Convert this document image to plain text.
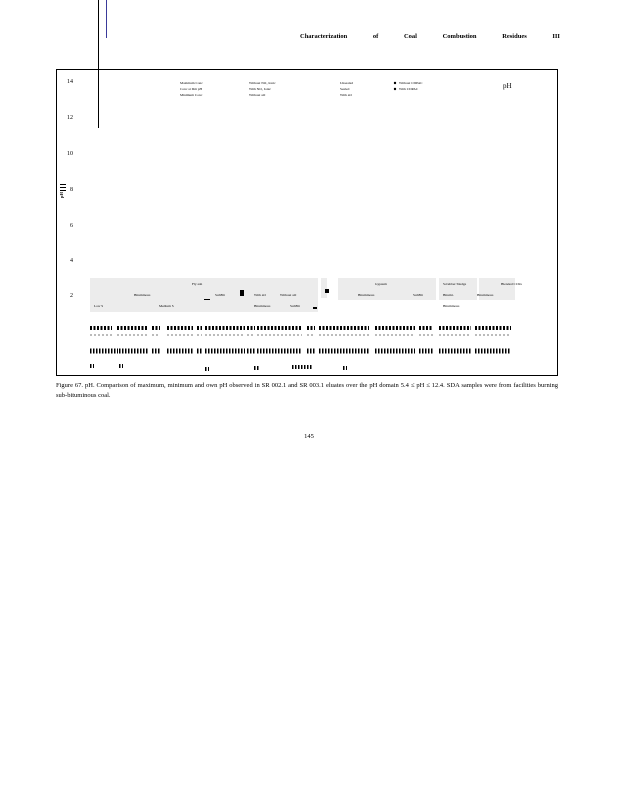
Characterization	of	Coal	Combustion	Residues	III
14
12
10
8
6
4
2
pH
pH
Maximum Conc
Conc at Dm pH
Minimum Conc
Without NO₃ Ionic
With NO₃ Ionic
Without aO
Unsealed
Sealed
With aO
Without CDPAC
With CDPAC
Fly ash	Gypsum	Scrubber Sludge	Blended CCRs
Bituminous	SubBit
Bituminous	SubBit
Bituminous	SubBit
Bituminous
Bitumi.	Bituminous
Low S	Medium S
With aO	Without aO
Figure 67. pH. Comparison of maximum, minimum and own pH observed in SR 002.1 and SR 003.1 eluates over the pH domain 5.4 ≤ pH ≤ 12.4. SDA samples were from facilities burning sub-bituminous coal.
145
